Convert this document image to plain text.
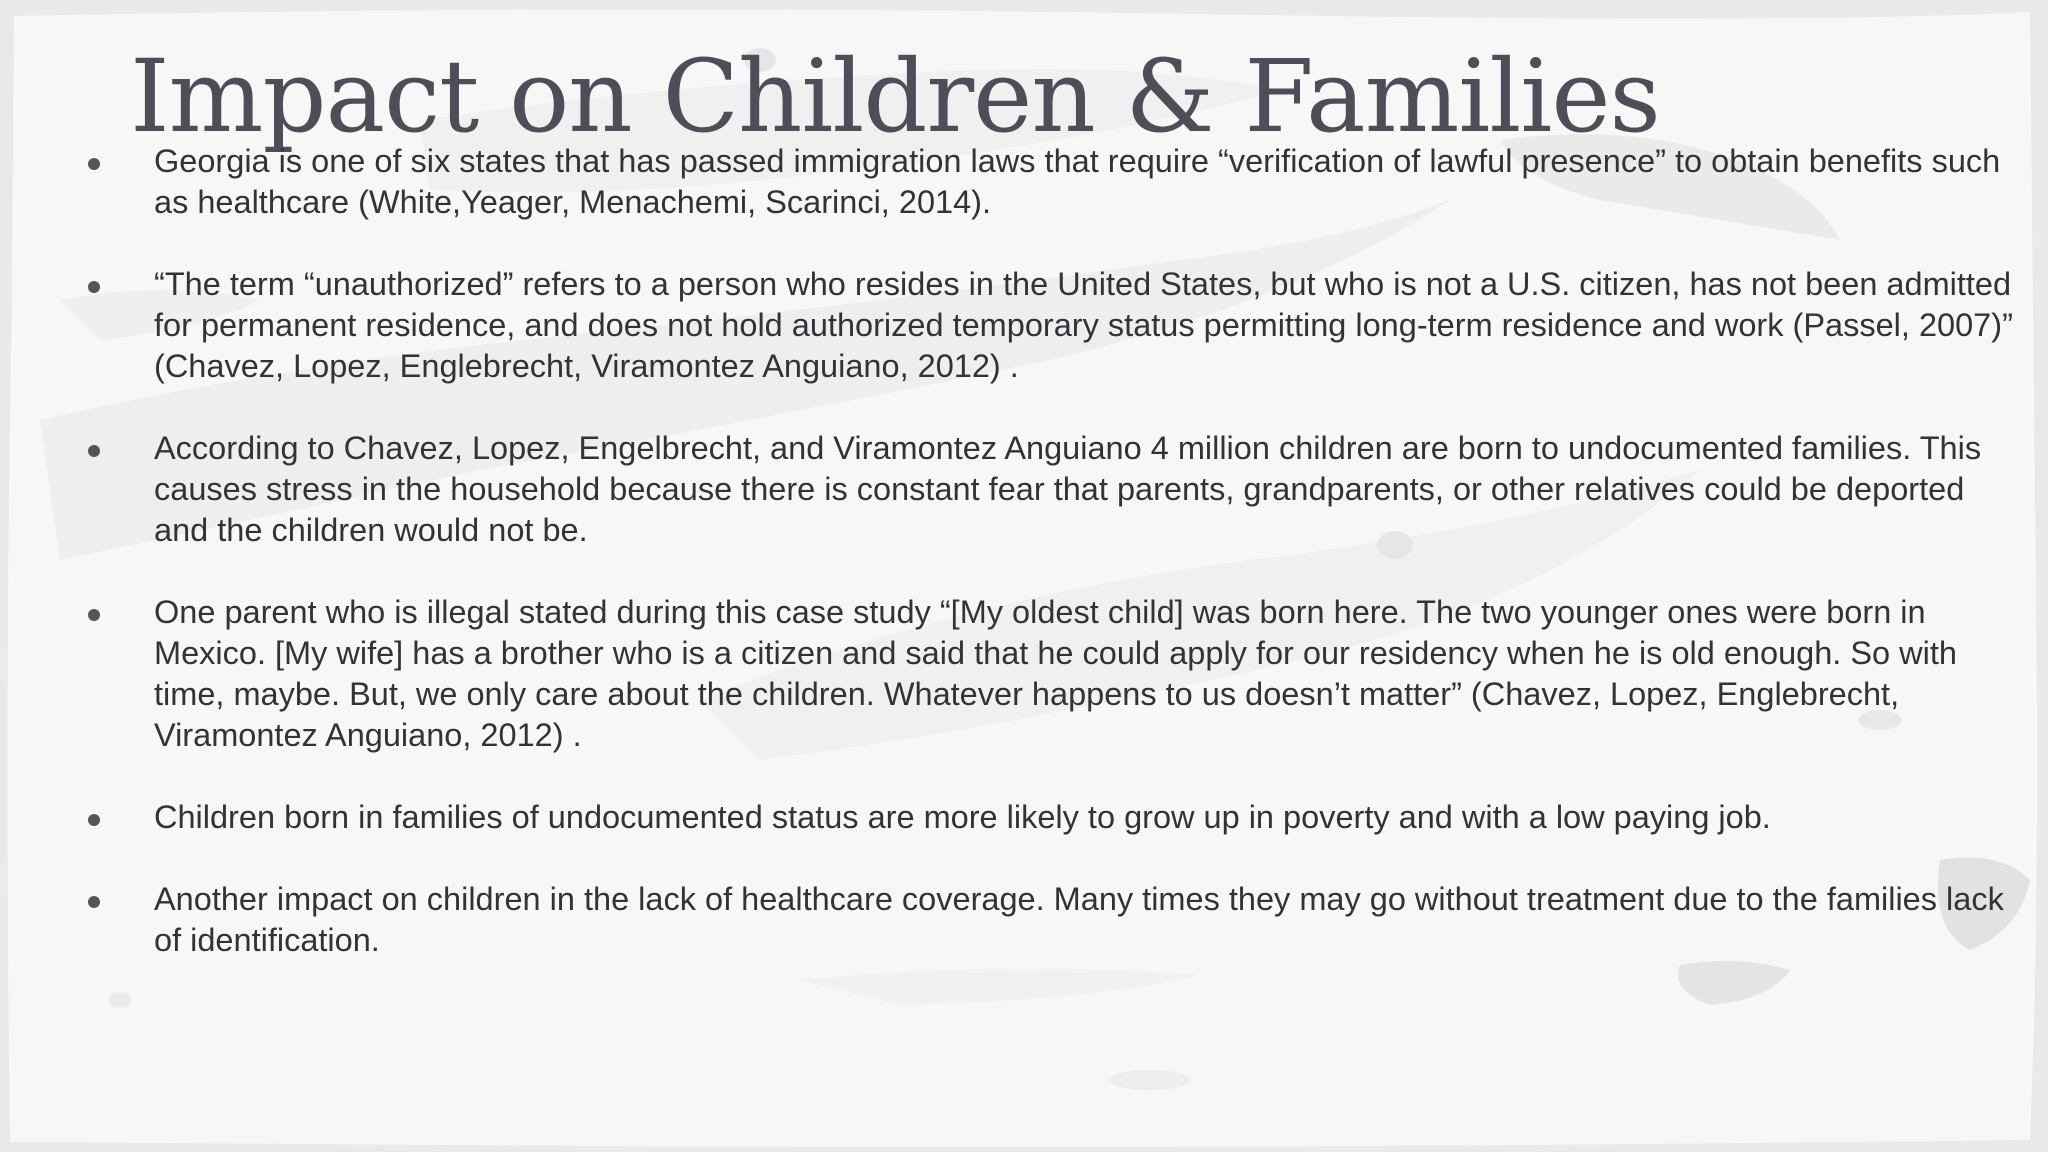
Impact on Children & Families
Georgia is one of six states that has passed immigration laws that require “verification of lawful presence” to obtain benefits such as healthcare (White,Yeager, Menachemi, Scarinci, 2014).
“The term “unauthorized” refers to a person who resides in the United States, but who is not a U.S. citizen, has not been admitted for permanent residence, and does not hold authorized temporary status permitting long-term residence and work (Passel, 2007)” (Chavez, Lopez, Englebrecht, Viramontez Anguiano, 2012) .
According to Chavez, Lopez, Engelbrecht, and Viramontez Anguiano 4 million children are born to undocumented families. This causes stress in the household because there is constant fear that parents, grandparents, or other relatives could be deported and the children would not be.
One parent who is illegal stated during this case study “[My oldest child] was born here. The two younger ones were born in Mexico. [My wife] has a brother who is a citizen and said that he could apply for our residency when he is old enough. So with time, maybe. But, we only care about the children. Whatever happens to us doesn’t matter” (Chavez, Lopez, Englebrecht, Viramontez Anguiano, 2012) .
Children born in families of undocumented status are more likely to grow up in poverty and with a low paying job.
Another impact on children in the lack of healthcare coverage. Many times they may go without treatment due to the families lack of identification.
